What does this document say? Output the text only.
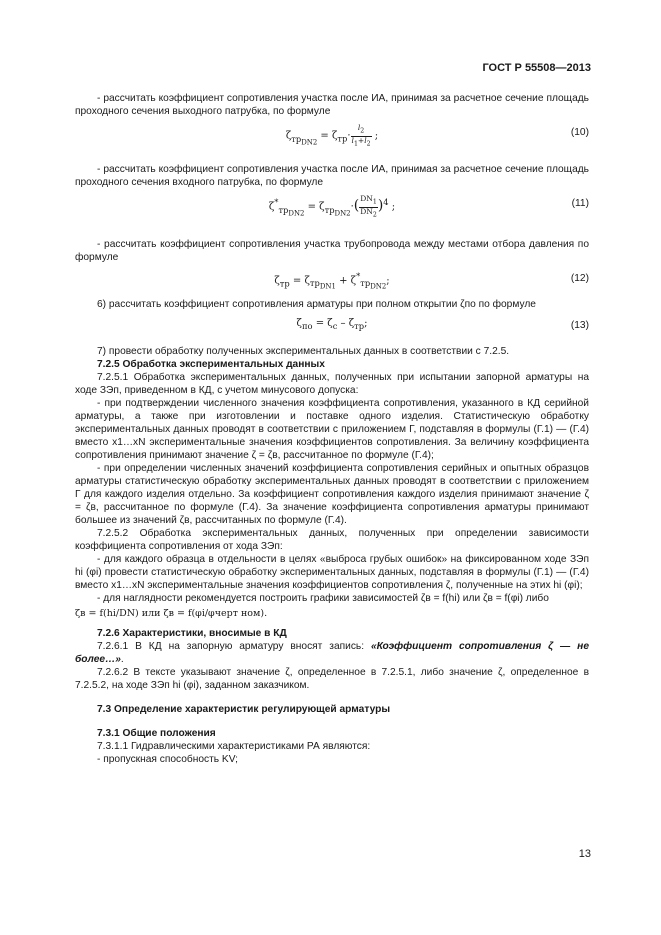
ГОСТ Р 55508—2013

- рассчитать коэффициент сопротивления участка после ИА, принимая за расчетное сечение площадь проходного сечения выходного патрубка, по формуле

$\zeta_{тр_{DN2}} = \zeta_{тр}\cdot \frac{l_2}{l_1+l_2}$ ;	(10)

- рассчитать коэффициент сопротивления участка после ИА, принимая за расчетное сечение площадь проходного сечения входного патрубка, по формуле

$\zeta^*_{тр_{DN2}} = \zeta_{тр_{DN2}}\cdot( \frac{DN_1}{DN_2} )^4$ ;	(11)

- рассчитать коэффициент сопротивления участка трубопровода между местами отбора давления по формуле

$\zeta_{тр} = \zeta_{тр_{DN1}} + \zeta^*_{тр_{DN2}}$;	(12)

6) рассчитать коэффициент сопротивления арматуры при полном открытии ζпо по формуле

$\zeta_{по} = \zeta_с - \zeta_{тр}$;	(13)

7) провести обработку полученных экспериментальных данных в соответствии с 7.2.5.

7.2.5 Обработка экспериментальных данных

7.2.5.1 Обработка экспериментальных данных, полученных при испытании запорной арматуры на ходе ЗЭп, приведенном в КД, с учетом минусового допуска:

- при подтверждении численного значения коэффициента сопротивления, указанного в КД серийной арматуры, а также при изготовлении и поставке одного изделия. Статистическую обработку экспериментальных данных проводят в соответствии с приложением Г, подставляя в формулы (Г.1) — (Г.4) вместо x1…xN экспериментальные значения коэффициентов сопротивления. За величину коэффициента сопротивления принимают значение ζ = ζв, рассчитанное по формуле (Г.4);

- при определении численных значений коэффициента сопротивления серийных и опытных образцов арматуры статистическую обработку экспериментальных данных проводят в соответствии с приложением Г для каждого изделия отдельно. За коэффициент сопротивления каждого изделия принимают значение ζ = ζв, рассчитанное по формуле (Г.4). За значение коэффициента сопротивления арматуры принимают большее из значений ζв, рассчитанных по формуле (Г.4).

7.2.5.2 Обработка экспериментальных данных, полученных при определении зависимости коэффициента сопротивления от хода ЗЭп:

- для каждого образца в отдельности в целях «выброса грубых ошибок» на фиксированном ходе ЗЭп hi (φi) провести статистическую обработку экспериментальных данных, подставляя в формулы (Г.1) — (Г.4) вместо x1…xN экспериментальные значения коэффициентов сопротивления ζ, полученные на этих hi (φi);

- для наглядности рекомендуется построить графики зависимостей ζв = f(hi) или ζв = f(φi) либо

ζв = f(hi/DN) или ζв = f(φi/φчерт ном).

7.2.6 Характеристики, вносимые в КД

7.2.6.1 В КД на запорную арматуру вносят запись: «Коэффициент сопротивления ζ — не более…».

7.2.6.2 В тексте указывают значение ζ, определенное в 7.2.5.1, либо значение ζ, определенное в 7.2.5.2, на ходе ЗЭп hi (φi), заданном заказчиком.

7.3 Определение характеристик регулирующей арматуры
7.3.1 Общие положения

7.3.1.1 Гидравлическими характеристиками РА являются:

- пропускная способность KV;

13
